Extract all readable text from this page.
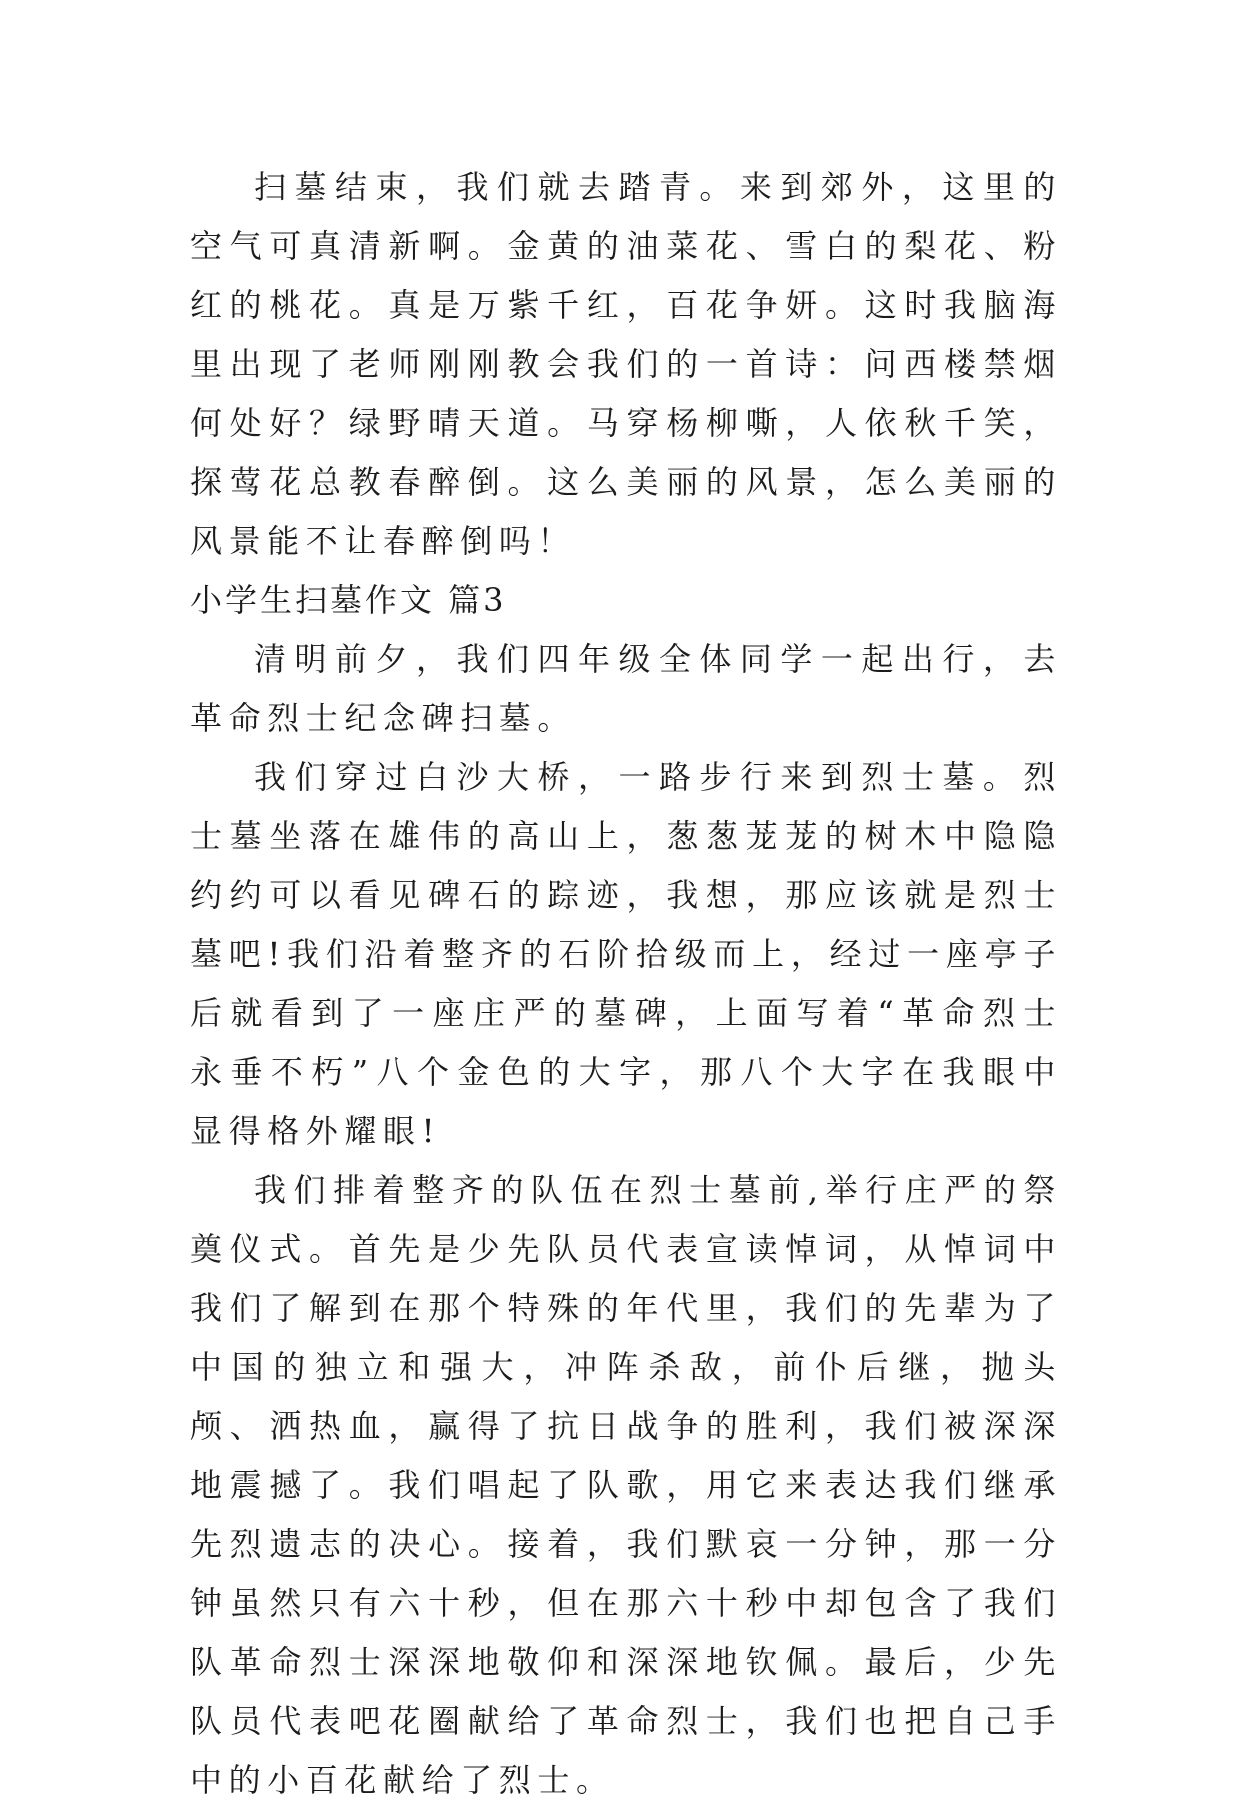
扫墓结束，我们就去踏青。来到郊外，这里的空气可真清新啊。金黄的油菜花、雪白的梨花、粉红的桃花。真是万紫千红，百花争妍。这时我脑海里出现了老师刚刚教会我们的一首诗：问西楼禁烟何处好？绿野晴天道。马穿杨柳嘶，人依秋千笑，探莺花总教春醉倒。这么美丽的风景，怎么美丽的风景能不让春醉倒吗！

小学生扫墓作文 篇3

清明前夕，我们四年级全体同学一起出行，去革命烈士纪念碑扫墓。

我们穿过白沙大桥，一路步行来到烈士墓。烈士墓坐落在雄伟的高山上，葱葱茏茏的树木中隐隐约约可以看见碑石的踪迹，我想，那应该就是烈士墓吧!我们沿着整齐的石阶拾级而上，经过一座亭子后就看到了一座庄严的墓碑，上面写着“革命烈士永垂不朽”八个金色的大字，那八个大字在我眼中显得格外耀眼!

我们排着整齐的队伍在烈士墓前,举行庄严的祭奠仪式。首先是少先队员代表宣读悼词，从悼词中我们了解到在那个特殊的年代里，我们的先辈为了中国的独立和强大，冲阵杀敌，前仆后继，抛头颅、洒热血，赢得了抗日战争的胜利，我们被深深地震撼了。我们唱起了队歌，用它来表达我们继承先烈遗志的决心。接着，我们默哀一分钟，那一分钟虽然只有六十秒，但在那六十秒中却包含了我们队革命烈士深深地敬仰和深深地钦佩。最后，少先队员代表吧花圈献给了革命烈士，我们也把自己手中的小百花献给了烈士。
